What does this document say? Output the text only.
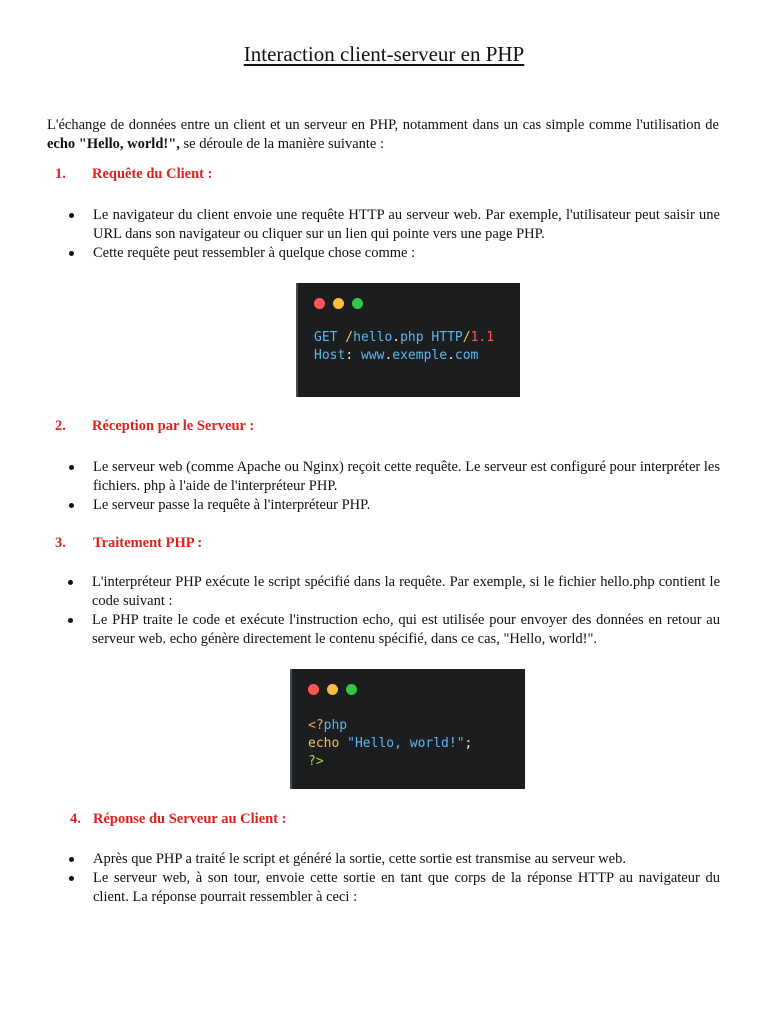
Interaction client-serveur en PHP
L'échange de données entre un client et un serveur en PHP, notamment dans un cas simple comme l'utilisation de echo "Hello, world!", se déroule de la manière suivante :
1. Requête du Client :
Le navigateur du client envoie une requête HTTP au serveur web. Par exemple, l'utilisateur peut saisir une URL dans son navigateur ou cliquer sur un lien qui pointe vers une page PHP.
Cette requête peut ressembler à quelque chose comme :
GET /hello.php HTTP/1.1
Host: www.exemple.com
2. Réception par le Serveur :
Le serveur web (comme Apache ou Nginx) reçoit cette requête. Le serveur est configuré pour interpréter les fichiers. php à l'aide de l'interpréteur PHP.
Le serveur passe la requête à l'interpréteur PHP.
3. Traitement PHP :
L'interpréteur PHP exécute le script spécifié dans la requête. Par exemple, si le fichier hello.php contient le code suivant :
Le PHP traite le code et exécute l'instruction echo, qui est utilisée pour envoyer des données en retour au serveur web. echo génère directement le contenu spécifié, dans ce cas, "Hello, world!".
<?php
echo "Hello, world!";
?>
4. Réponse du Serveur au Client :
Après que PHP a traité le script et généré la sortie, cette sortie est transmise au serveur web.
Le serveur web, à son tour, envoie cette sortie en tant que corps de la réponse HTTP au navigateur du client. La réponse pourrait ressembler à ceci :
